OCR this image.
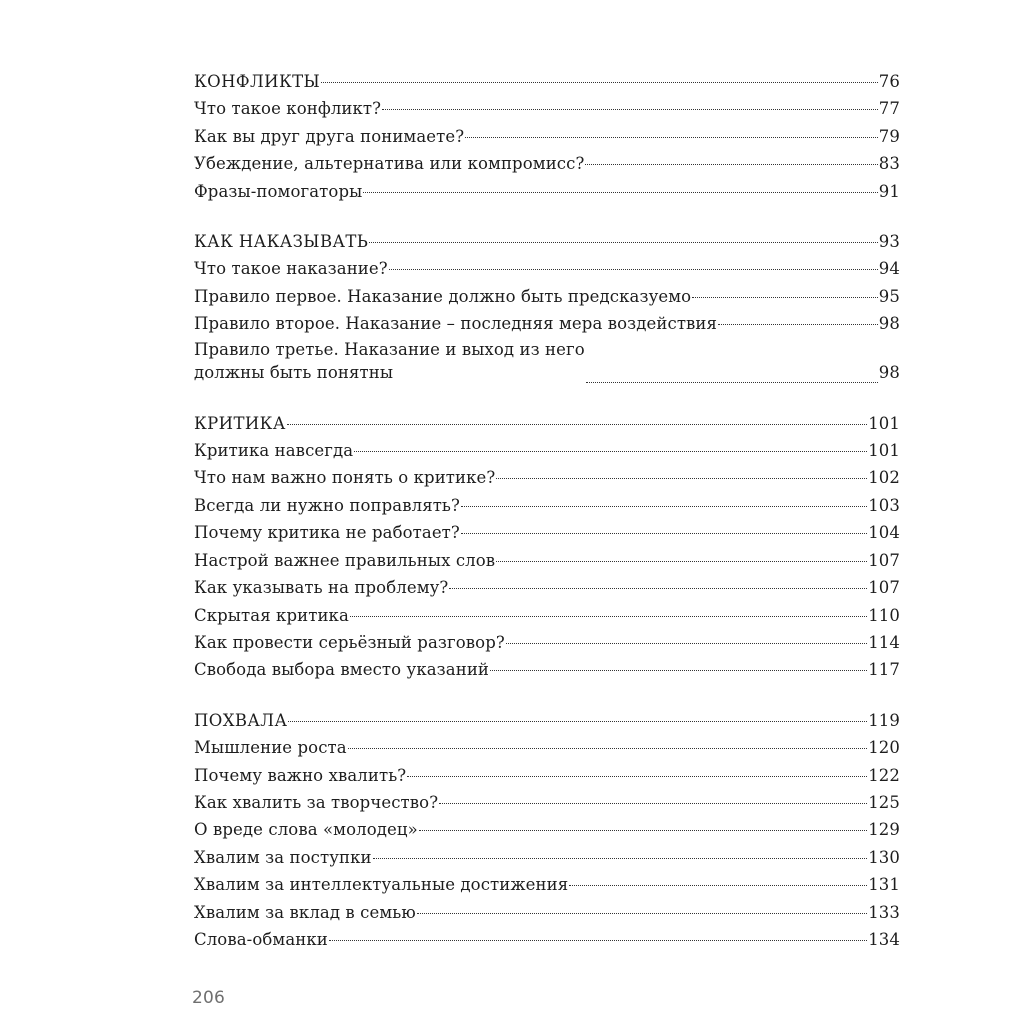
КОНФЛИКТЫ	76
Что такое конфликт?	77
Как вы друг друга понимаете?	79
Убеждение, альтернатива или компромисс?	83
Фразы-помогаторы	91
КАК НАКАЗЫВАТЬ	93
Что такое наказание?	94
Правило первое. Наказание должно быть предсказуемо	95
Правило второе. Наказание – последняя мера воздействия	98
Правило третье. Наказание и выход из него
должны быть понятны	98
КРИТИКА	101
Критика навсегда	101
Что нам важно понять о критике?	102
Всегда ли нужно поправлять?	103
Почему критика не работает?	104
Настрой важнее правильных слов	107
Как указывать на проблему?	107
Скрытая критика	110
Как провести серьёзный разговор?	114
Свобода выбора вместо указаний	117
ПОХВАЛА	119
Мышление роста	120
Почему важно хвалить?	122
Как хвалить за творчество?	125
О вреде слова «молодец»	129
Хвалим за поступки	130
Хвалим за интеллектуальные достижения	131
Хвалим за вклад в семью	133
Слова-обманки	134
206
